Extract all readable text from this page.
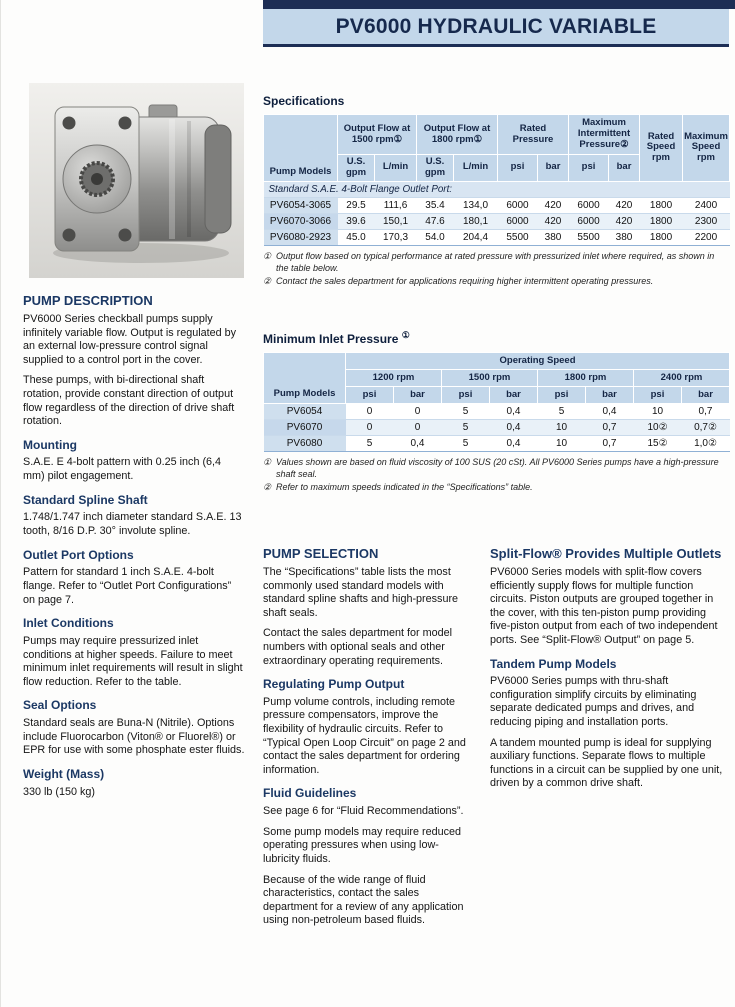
PV6000 HYDRAULIC VARIABLE
PUMP DESCRIPTION

PV6000 Series checkball pumps supply infinitely variable flow. Output is regulated by an external low-pressure control signal supplied to a control port in the cover.

These pumps, with bi-directional shaft rotation, provide constant direction of output flow regardless of the direction of drive shaft rotation.

Mounting

S.A.E. E 4-bolt pattern with 0.25 inch (6,4 mm) pilot engagement.

Standard Spline Shaft

1.748/1.747 inch diameter standard S.A.E. 13 tooth, 8/16 D.P. 30° involute spline.

Outlet Port Options

Pattern for standard 1 inch S.A.E. 4-bolt flange. Refer to “Outlet Port Configurations” on page 7.

Inlet Conditions

Pumps may require pressurized inlet conditions at higher speeds. Failure to meet minimum inlet requirements will result in slight flow reduction. Refer to the table.

Seal Options

Standard seals are Buna-N (Nitrile). Options include Fluorocarbon (Viton® or Fluorel®) or EPR for use with some phosphate ester fluids.

Weight (Mass)

330 lb (150 kg)

Specifications
Pump Models	Output Flow at 1500 rpm①		Output Flow at 1800 rpm①		Rated Pressure		Maximum Intermittent Pressure②		Rated Speed rpm	Maximum Speed rpm
	U.S. gpm	L/min	U.S. gpm	L/min	psi	bar	psi	bar		
Standard S.A.E. 4-Bolt Flange Outlet Port:										
PV6054-3065	29.5	111,6	35.4	134,0	6000	420	6000	420	1800	2400
PV6070-3066	39.6	150,1	47.6	180,1	6000	420	6000	420	1800	2300
PV6080-2923	45.0	170,3	54.0	204,4	5500	380	5500	380	1800	2200
① Output flow based on typical performance at rated pressure with pressurized inlet where required, as shown in the table below.
② Contact the sales department for applications requiring higher intermittent operating pressures.
Minimum Inlet Pressure ①
Pump Models	Operating Speed							
	1200 rpm		1500 rpm		1800 rpm		2400 rpm	
	psi	bar	psi	bar	psi	bar	psi	bar
PV6054	0	0	5	0,4	5	0,4	10	0,7
PV6070	0	0	5	0,4	10	0,7	10②	0,7②
PV6080	5	0,4	5	0,4	10	0,7	15②	1,0②
① Values shown are based on fluid viscosity of 100 SUS (20 cSt). All PV6000 Series pumps have a high-pressure shaft seal.
② Refer to maximum speeds indicated in the “Specifications” table.
PUMP SELECTION

The “Specifications” table lists the most commonly used standard models with standard spline shafts and high-pressure shaft seals.

Contact the sales department for model numbers with optional seals and other extraordinary operating requirements.

Regulating Pump Output

Pump volume controls, including remote pressure compensators, improve the flexibility of hydraulic circuits. Refer to “Typical Open Loop Circuit” on page 2 and contact the sales department for ordering information.

Fluid Guidelines

See page 6 for “Fluid Recommendations”.

Some pump models may require reduced operating pressures when using low-lubricity fluids.

Because of the wide range of fluid characteristics, contact the sales department for a review of any application using non-petroleum based fluids.

Split-Flow® Provides Multiple Outlets

PV6000 Series models with split-flow covers efficiently supply flows for multiple function circuits. Piston outputs are grouped together in the cover, with this ten-piston pump providing five-piston output from each of two independent ports. See “Split-Flow® Output” on page 5.

Tandem Pump Models

PV6000 Series pumps with thru-shaft configuration simplify circuits by eliminating separate dedicated pumps and drives, and reducing piping and installation ports.

A tandem mounted pump is ideal for supplying auxiliary functions. Separate flows to multiple functions in a circuit can be supplied by one unit, driven by a common drive shaft.
